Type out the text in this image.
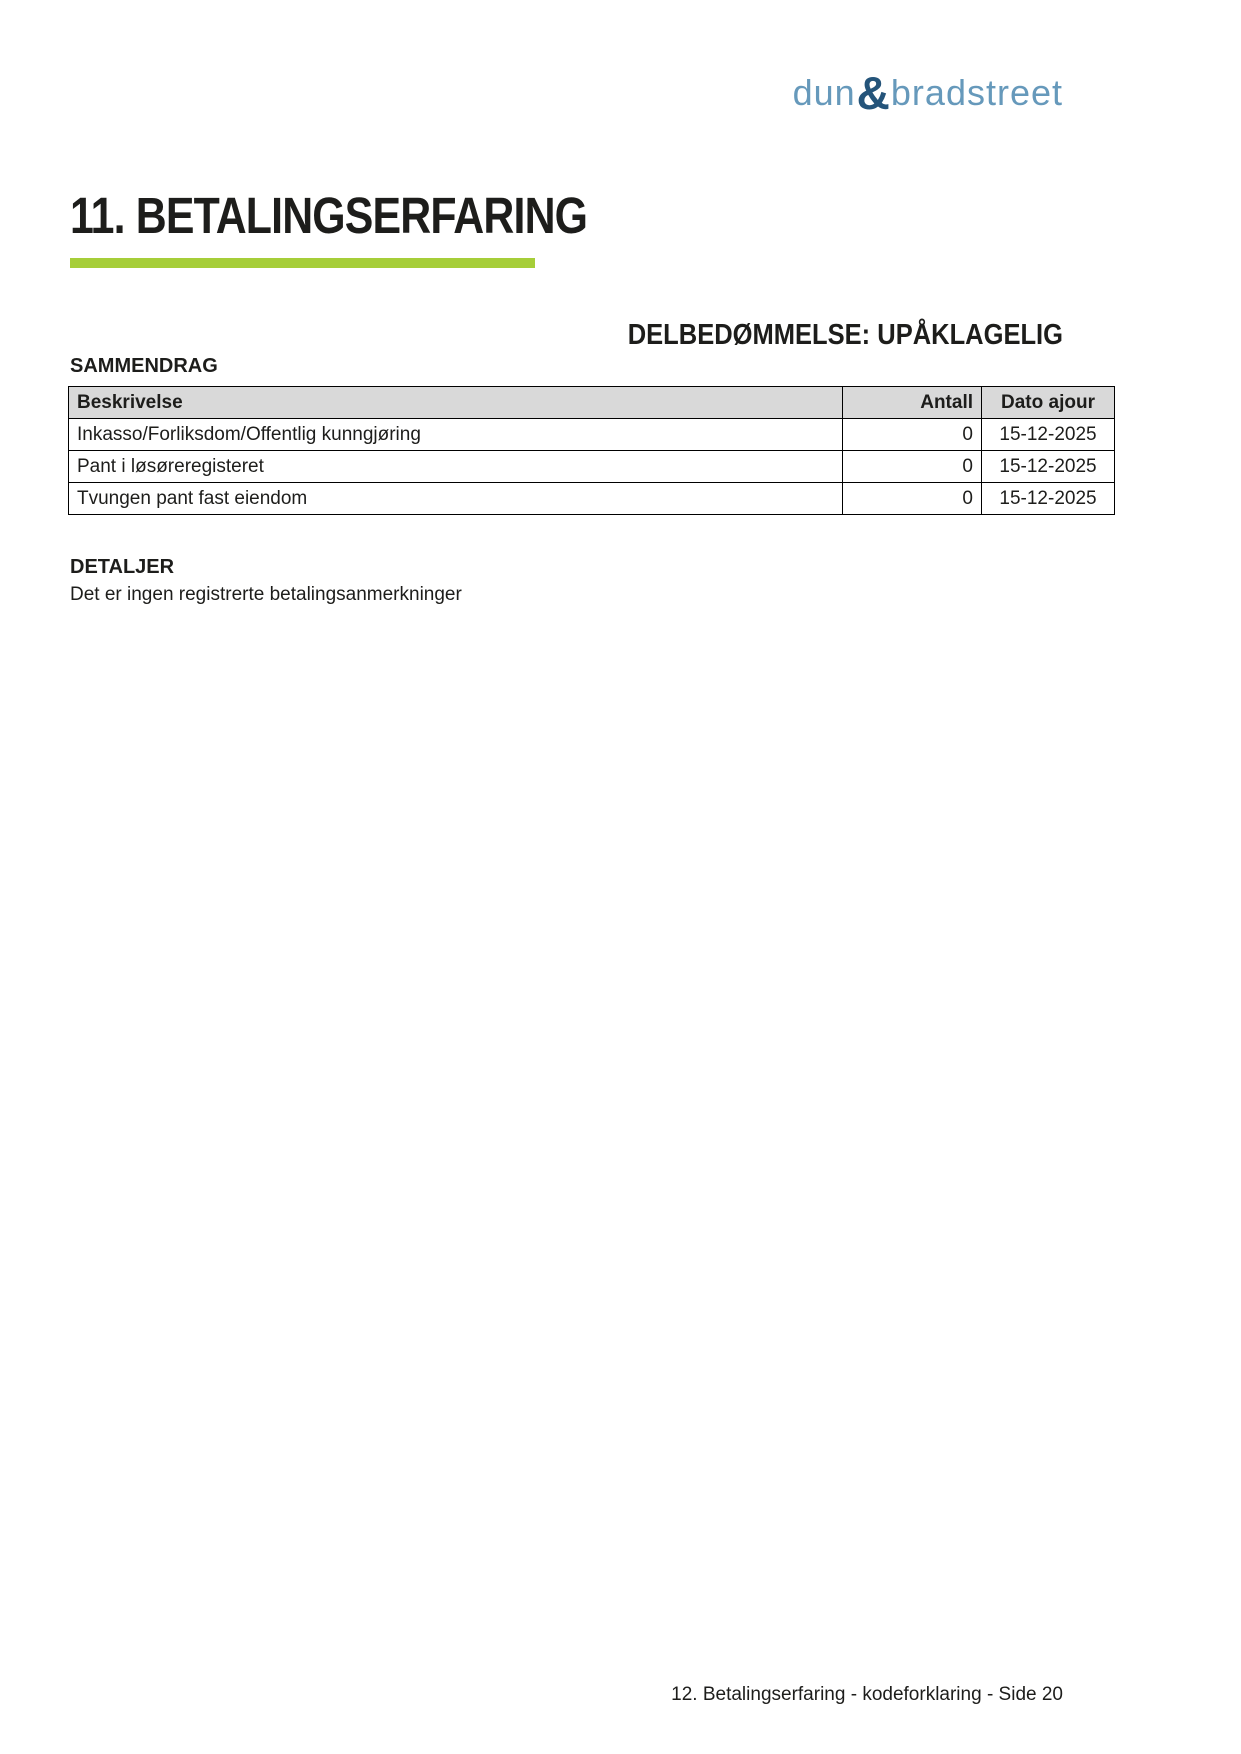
dun&bradstreet
11. BETALINGSERFARING
DELBEDØMMELSE: UPÅKLAGELIG
SAMMENDRAG
Beskrivelse	Antall	Dato ajour
Inkasso/Forliksdom/Offentlig kunngjøring	0	15-12-2025
Pant i løsøreregisteret	0	15-12-2025
Tvungen pant fast eiendom	0	15-12-2025
DETALJER
Det er ingen registrerte betalingsanmerkninger
12. Betalingserfaring - kodeforklaring - Side 20
